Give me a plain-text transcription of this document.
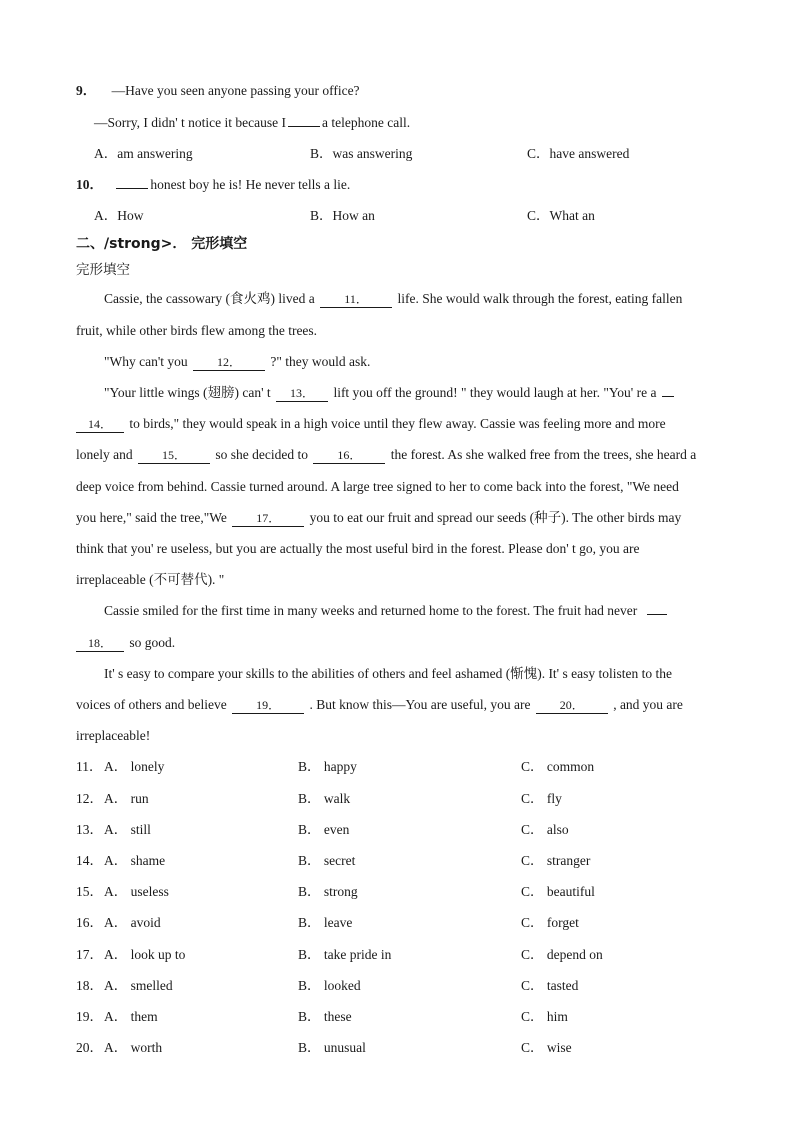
9． —Have you seen anyone passing your office?
—Sorry, I didn' t notice it because I	a telephone call.
A．am answering	B．was answering	C．have answered
10．	honest boy he is! He never tells a lie.
A．How	B．How an	C．What an
二、/strong>． 完形填空
完形填空
Cassie, the cassowary (食火鸡) lived a 11． life. She would walk through the forest, eating fallen
fruit, while other birds flew among the trees.
"Why can't you 12． ?" they would ask.
"Your little wings (翅膀) can' t 13． lift you off the ground! " they would laugh at her. "You' re a
14． to birds," they would speak in a high voice until they flew away. Cassie was feeling more and more
lonely and 15． so she decided to 16． the forest. As she walked free from the trees, she heard a
deep voice from behind. Cassie turned around. A large tree signed to her to come back into the forest, "We need
you here," said the tree,"We 17． you to eat our fruit and spread our seeds (种子). The other birds may
think that you' re useless, but you are actually the most useful bird in the forest. Please don' t go, you are
irreplaceable (不可替代). "
Cassie smiled for the first time in many weeks and returned home to the forest. The fruit had never
18． so good.
It' s easy to compare your skills to the abilities of others and feel ashamed (惭愧). It' s easy tolisten to the
voices of others and believe 19． . But know this—You are useful, you are 20． , and you are
irreplaceable!
11． A． lonely	B． happy	C． common
12． A． run	B． walk	C． fly
13． A． still	B． even	C． also
14． A． shame	B． secret	C． stranger
15． A． useless	B． strong	C． beautiful
16． A． avoid	B． leave	C． forget
17． A． look up to	B． take pride in	C． depend on
18． A． smelled	B． looked	C． tasted
19． A． them	B． these	C． him
20． A． worth	B． unusual	C． wise
